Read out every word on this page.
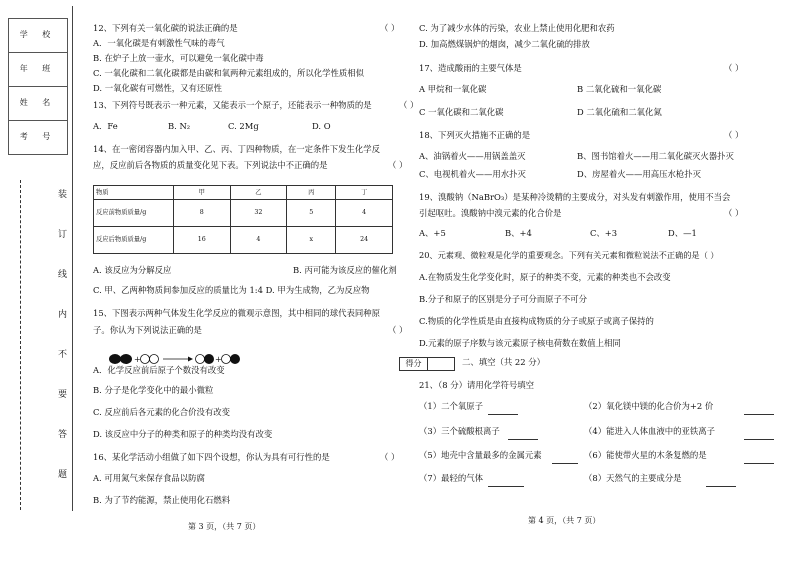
学 校
年 班
姓 名
考 号
装
订
线
内
不
要
答
题
12、下列有关一氧化碳的说法正确的是	（ ）
A．一氧化碳是有刺激性气味的毒气
B. 在炉子上放一壶水，可以避免一氧化碳中毒
C. 一氧化碳和二氧化碳都是由碳和氧两种元素组成的，所以化学性质相似
D. 一氧化碳有可燃性，又有还原性
13、下列符号既表示一种元素，又能表示一个原子，还能表示一种物质的是	（ ）
A．Fe	B. N₂	C. 2Mg	D. O
14、在一密闭容器内加入甲、乙、丙、丁四种物质，在一定条件下发生化学反
应，反应前后各物质的质量变化见下表。下列说法中不正确的是	（ ）
物质	甲	乙	丙	丁
反应前物质质量/g	8	32	5	4
反应后物质质量/g	16	4	x	24
A. 该反应为分解反应	B. 丙可能为该反应的催化剂
C. 甲、乙两种物质间参加反应的质量比为 1:4 D. 甲为生成物，乙为反应物
15、下图表示两种气体发生化学反应的微观示意图，其中相同的球代表同种原
子。你认为下列说法正确的是	（ ）
+	+
A．化学反应前后原子个数没有改变
B. 分子是化学变化中的最小微粒
C. 反应前后各元素的化合价没有改变
D. 该反应中分子的种类和原子的种类均没有改变
16、某化学活动小组做了如下四个设想，你认为具有可行性的是	（ ）
A. 可用氮气来保存食品以防腐
B. 为了节约能源，禁止使用化石燃料
第 3 页，（共 7 页）
C. 为了减少水体的污染，农业上禁止使用化肥和农药
D. 加高燃煤锅炉的烟囱，减少二氧化硫的排放
17、造成酸雨的主要气体是	（ ）
A 甲烷和一氧化碳	B 二氧化硫和一氧化碳
C 一氧化碳和二氧化碳	D 二氧化硫和二氧化氮
18、下列灭火措施不正确的是	（ ）
A、油锅着火——用锅盖盖灭	B、图书馆着火——用二氧化碳灭火器扑灭
C、电视机着火——用水扑灭	D、房屋着火——用高压水枪扑灭
19、溴酸钠（NaBrO₃）是某种冷烫精的主要成分，对头发有刺激作用，使用不当会
引起呕吐。溴酸钠中溴元素的化合价是	（ ）
A、+5	B、+4	C、+3	D、—1
20、元素观、微粒观是化学的重要观念。下列有关元素和微粒说法不正确的是（ ）
A.在物质发生化学变化时，原子的种类不变，元素的种类也不会改变
B.分子和原子的区别是分子可分而原子不可分
C.物质的化学性质是由直接构成物质的分子或原子或离子保持的
D.元素的原子序数与该元素原子核电荷数在数值上相同
得分	二、填空（共 22 分）
21、（8 分）请用化学符号填空
（1）二个氧原子	（2）氧化镁中镁的化合价为+2 价
（3）三个硫酸根离子	（4）能进入人体血液中的亚铁离子
（5）地壳中含量最多的金属元素	（6）能使带火星的木条复燃的是
（7）最轻的气体	（8）天然气的主要成分是
第 4 页，（共 7 页）
